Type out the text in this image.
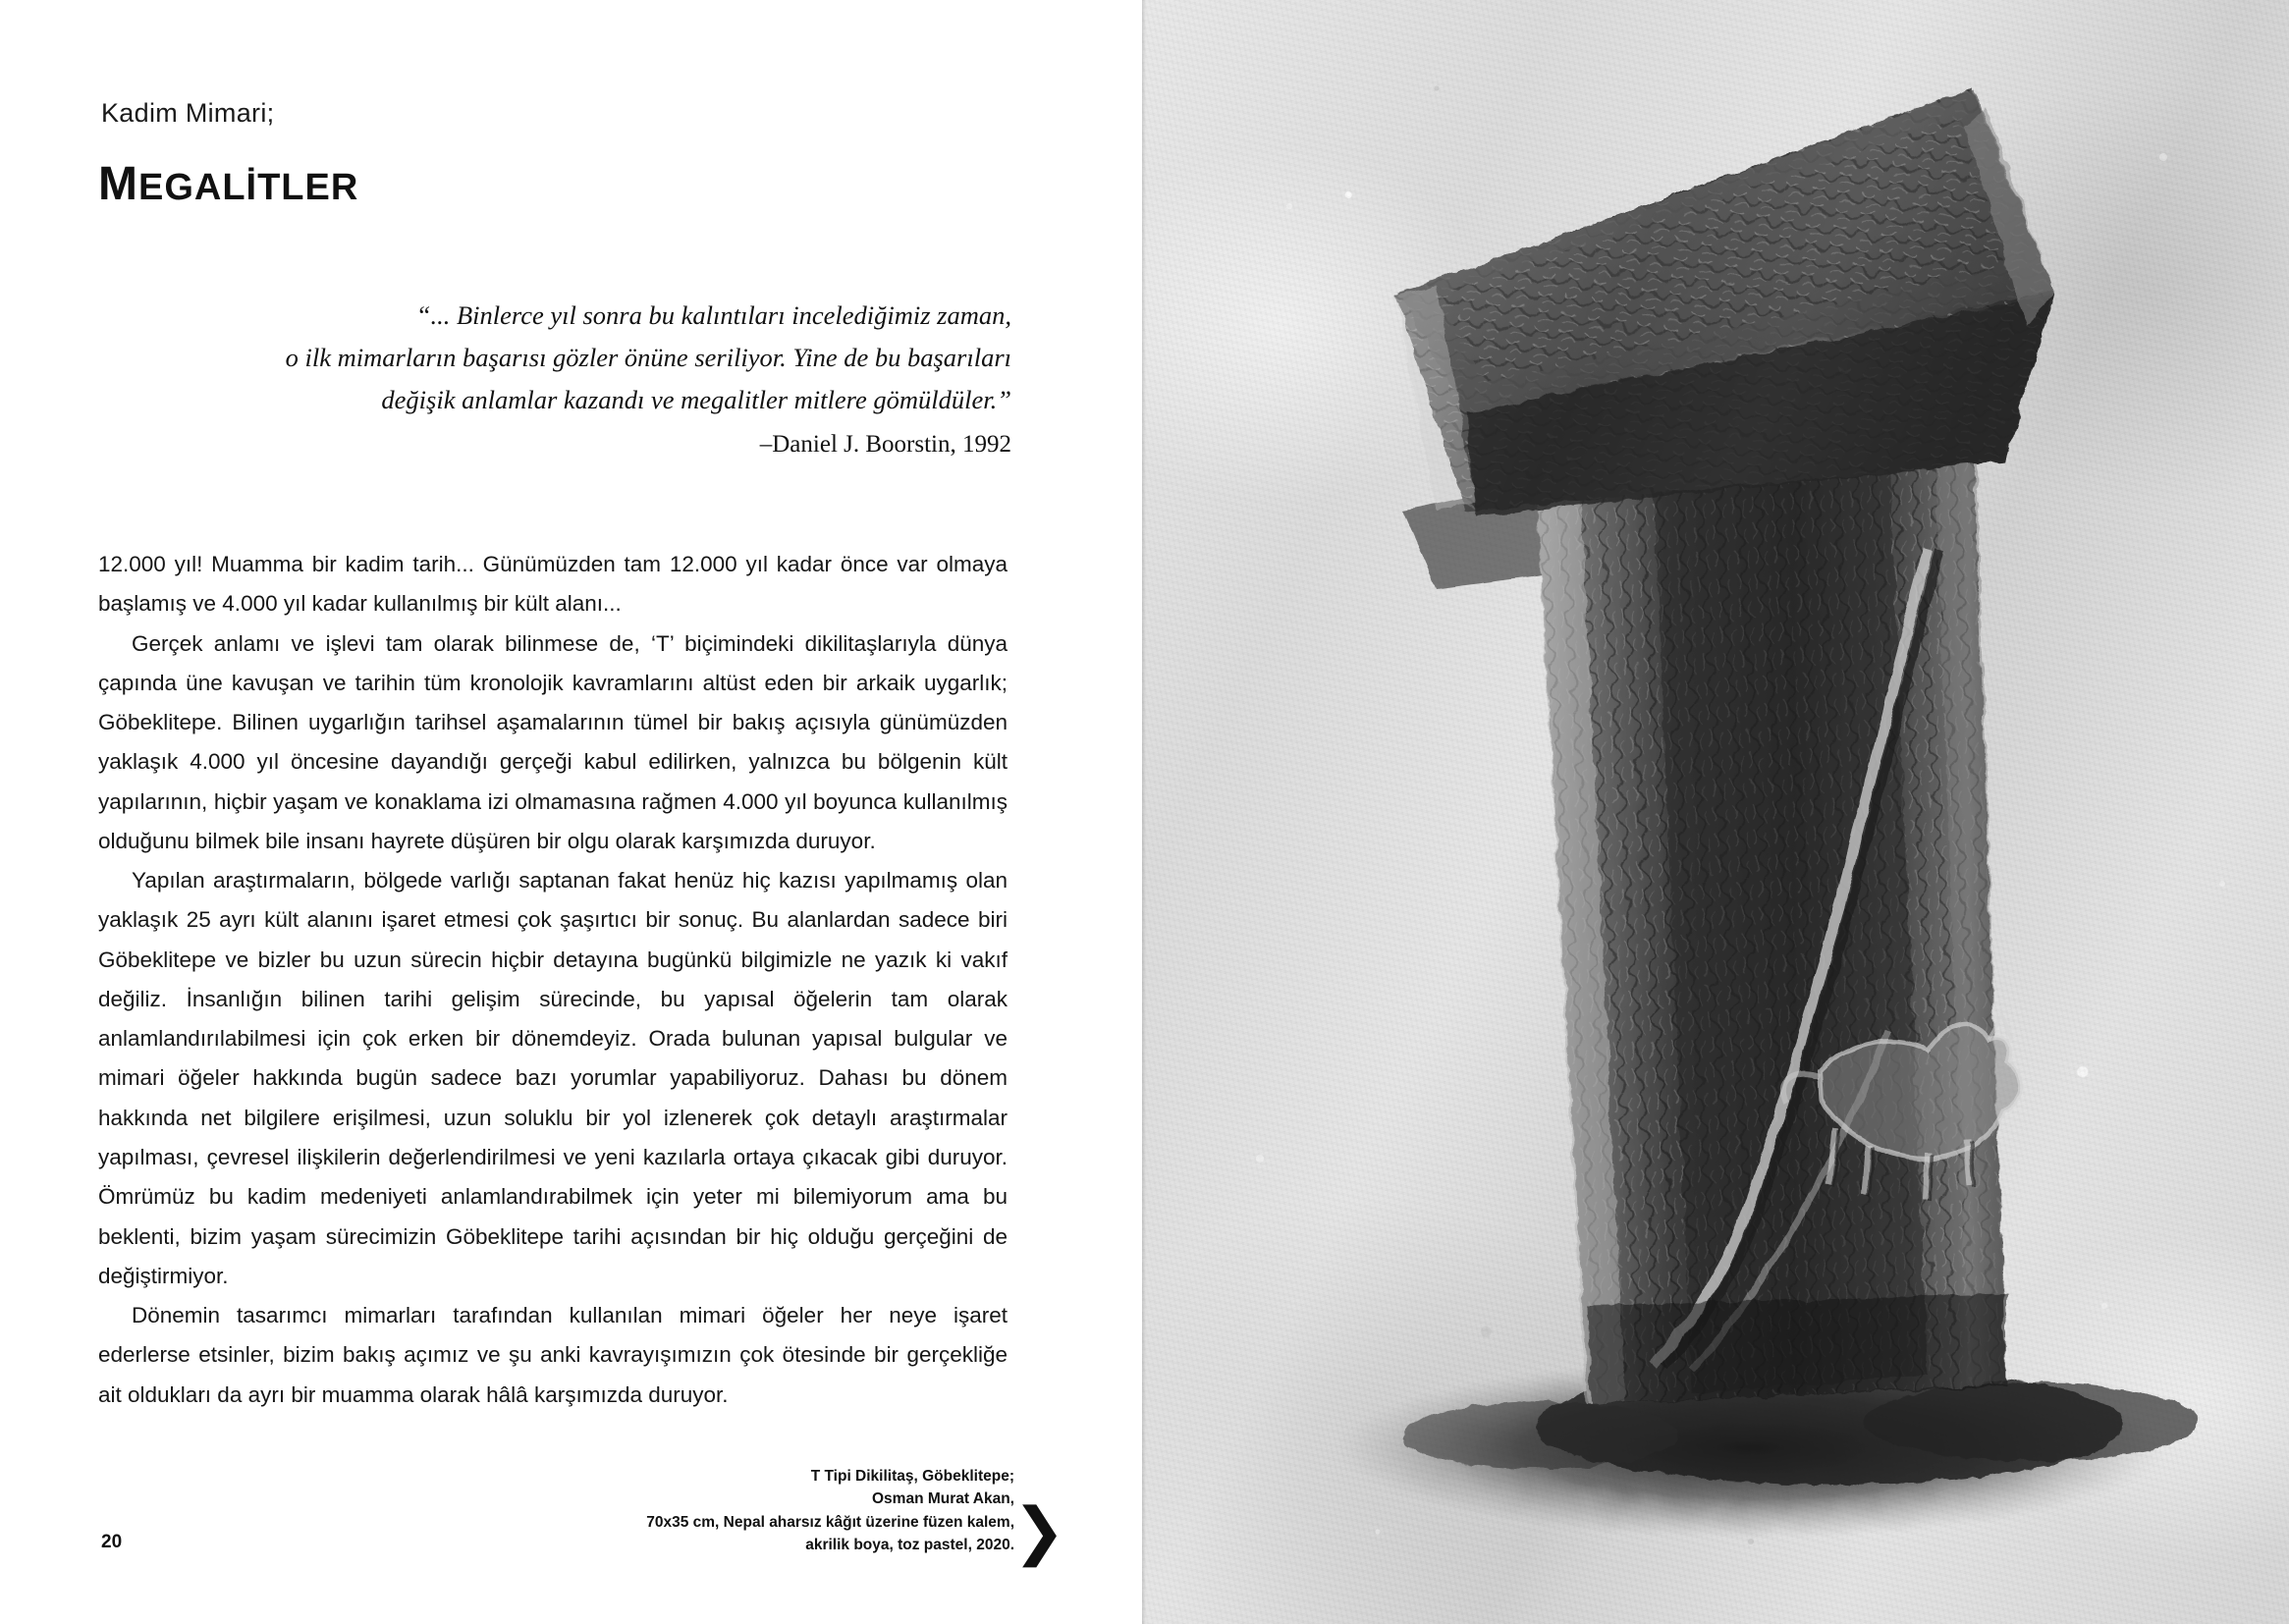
Kadim Mimari;
MEGALİTLER
“... Binlerce yıl sonra bu kalıntıları incelediğimiz zaman,
o ilk mimarların başarısı gözler önüne seriliyor. Yine de bu başarıları
değişik anlamlar kazandı ve megalitler mitlere gömüldüler.”
–Daniel J. Boorstin, 1992

12.000 yıl! Muamma bir kadim tarih... Günümüzden tam 12.000 yıl kadar önce var olmaya başlamış ve 4.000 yıl kadar kullanılmış bir kült alanı...

Gerçek anlamı ve işlevi tam olarak bilinmese de, ‘T’ biçimindeki dikilitaşlarıyla dünya çapında üne kavuşan ve tarihin tüm kronolojik kavramlarını altüst eden bir arkaik uygarlık; Göbeklitepe. Bilinen uygarlığın tarihsel aşamalarının tümel bir bakış açısıyla günümüzden yaklaşık 4.000 yıl öncesine dayandığı gerçeği kabul edilirken, yalnızca bu bölgenin kült yapılarının, hiçbir yaşam ve konaklama izi olmamasına rağmen 4.000 yıl boyunca kullanılmış olduğunu bilmek bile insanı hayrete düşüren bir olgu olarak karşımızda duruyor.

Yapılan araştırmaların, bölgede varlığı saptanan fakat henüz hiç kazısı yapılmamış olan yaklaşık 25 ayrı kült alanını işaret etmesi çok şaşırtıcı bir sonuç. Bu alanlardan sadece biri Göbeklitepe ve bizler bu uzun sürecin hiçbir detayına bugünkü bilgimizle ne yazık ki vakıf değiliz. İnsanlığın bilinen tarihi gelişim sürecinde, bu yapısal öğelerin tam olarak anlamlandırılabilmesi için çok erken bir dönemdeyiz. Orada bulunan yapısal bulgular ve mimari öğeler hakkında bugün sadece bazı yorumlar yapabiliyoruz. Dahası bu dönem hakkında net bilgilere erişilmesi, uzun soluklu bir yol izlenerek çok detaylı araştırmalar yapılması, çevresel ilişkilerin değerlendirilmesi ve yeni kazılarla ortaya çıkacak gibi duruyor. Ömrümüz bu kadim medeniyeti anlamlandırabilmek için yeter mi bilemiyorum ama bu beklenti, bizim yaşam sürecimizin Göbeklitepe tarihi açısından bir hiç olduğu gerçeğini de değiştirmiyor.

Dönemin tasarımcı mimarları tarafından kullanılan mimari öğeler her neye işaret ederlerse etsinler, bizim bakış açımız ve şu anki kavrayışımızın çok ötesinde bir gerçekliğe ait oldukları da ayrı bir muamma olarak hâlâ karşımızda duruyor.

T Tipi Dikilitaş, Göbeklitepe;
Osman Murat Akan,
70x35 cm, Nepal aharsız kâğıt üzerine füzen kalem,
akrilik boya, toz pastel, 2020.
❯
20
